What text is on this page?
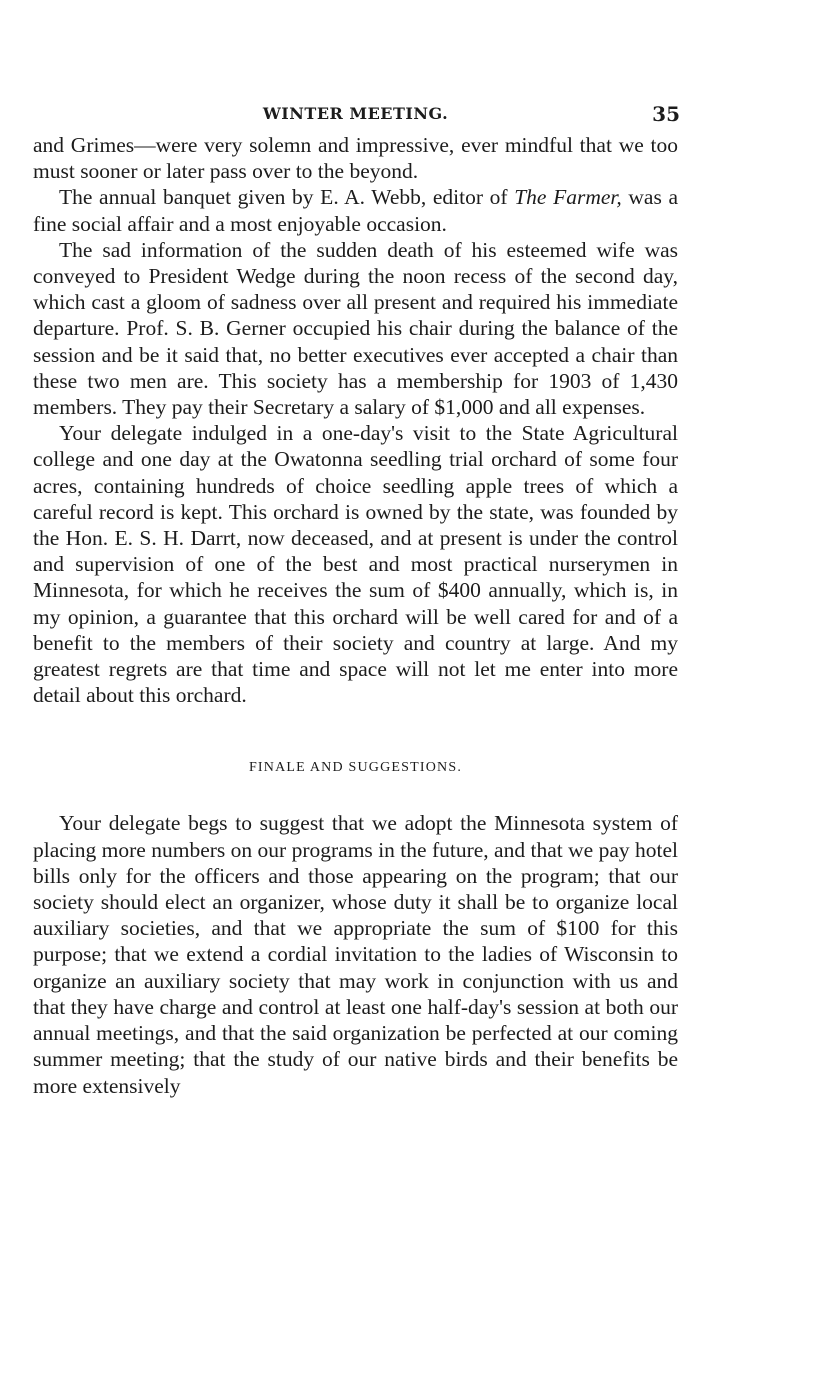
WINTER MEETING.	35

and Grimes—were very solemn and impressive, ever mindful that we too must sooner or later pass over to the beyond.

The annual banquet given by E. A. Webb, editor of The Farmer, was a fine social affair and a most enjoyable occasion.

The sad information of the sudden death of his esteemed wife was conveyed to President Wedge during the noon recess of the second day, which cast a gloom of sadness over all present and required his immediate departure. Prof. S. B. Gerner occupied his chair during the balance of the session and be it said that, no better executives ever accepted a chair than these two men are. This society has a membership for 1903 of 1,430 members. They pay their Secretary a salary of $1,000 and all expenses.

Your delegate indulged in a one-day's visit to the State Agricultural college and one day at the Owatonna seedling trial orchard of some four acres, containing hundreds of choice seedling apple trees of which a careful record is kept. This orchard is owned by the state, was founded by the Hon. E. S. H. Darrt, now deceased, and at present is under the control and supervision of one of the best and most practical nurserymen in Minnesota, for which he receives the sum of $400 annually, which is, in my opinion, a guarantee that this orchard will be well cared for and of a benefit to the members of their society and country at large. And my greatest regrets are that time and space will not let me enter into more detail about this orchard.

FINALE AND SUGGESTIONS.

Your delegate begs to suggest that we adopt the Minnesota system of placing more numbers on our programs in the future, and that we pay hotel bills only for the officers and those appearing on the program; that our society should elect an organizer, whose duty it shall be to organize local auxiliary societies, and that we appropriate the sum of $100 for this purpose; that we extend a cordial invitation to the ladies of Wisconsin to organize an auxiliary society that may work in conjunction with us and that they have charge and control at least one half-day's session at both our annual meetings, and that the said organization be perfected at our coming summer meeting; that the study of our native birds and their benefits be more extensively
